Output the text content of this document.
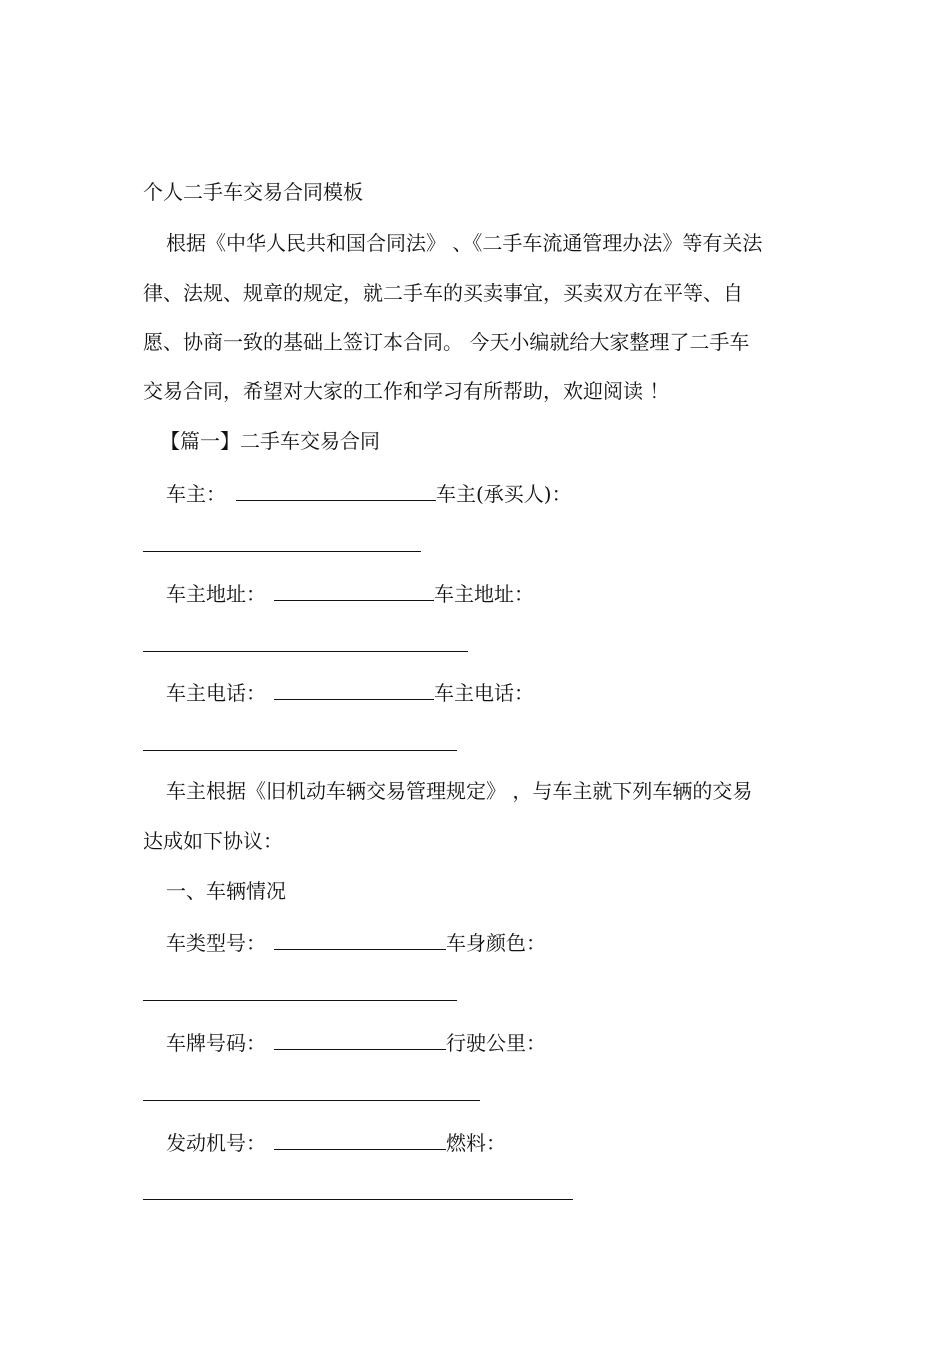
个人二手车交易合同模板
根据《中华人民共和国合同法》 、《二手车流通管理办法》等有关法
律、法规、规章的规定，就二手车的买卖事宜，买卖双方在平等、自
愿、协商一致的基础上签订本合同。 今天小编就给大家整理了二手车
交易合同，希望对大家的工作和学习有所帮助，欢迎阅读 ！
【篇一】二手车交易合同
车主：	车主(承买人)：
车主地址：	车主地址：
车主电话：	车主电话：
车主根据《旧机动车辆交易管理规定》 ，与车主就下列车辆的交易
达成如下协议：
一、车辆情况
车类型号：	车身颜色：
车牌号码：	行驶公里：
发动机号：	燃料：
